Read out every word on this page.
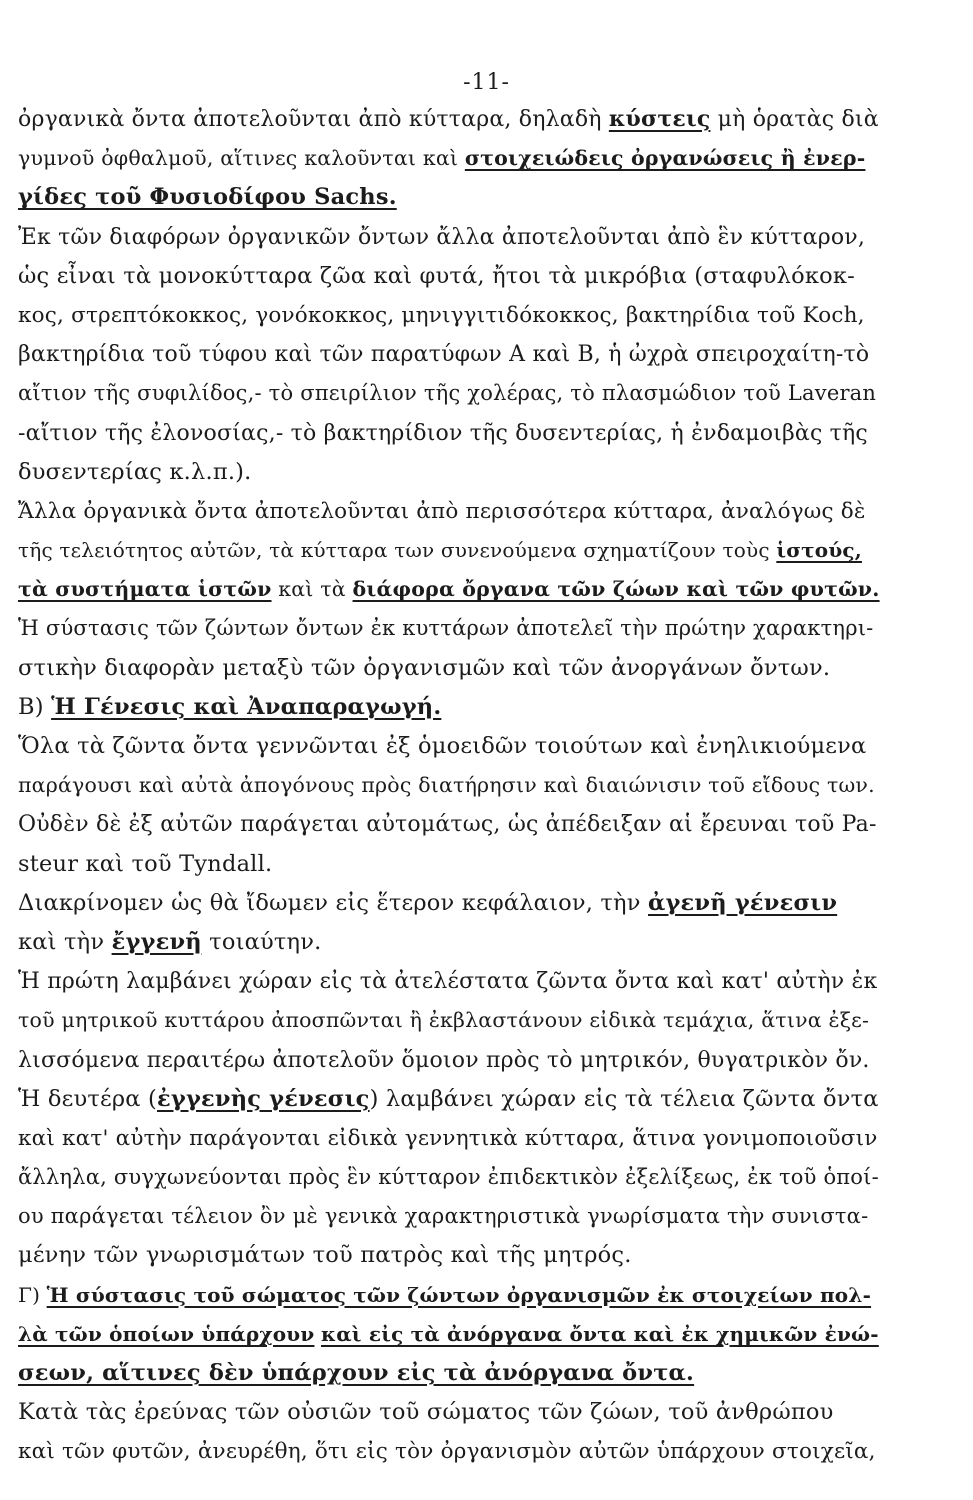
-11-
ὀργανικὰ ὄντα ἀποτελοῦνται ἀπὸ κύτταρα, δηλαδὴ κύστεις μὴ ὁρατὰς διὰ
γυμνοῦ ὀφθαλμοῦ, αἵτινες καλοῦνται καὶ στοιχειώδεις ὀργανώσεις ἢ ἐνερ-
γίδες τοῦ Φυσιοδίφου Sachs.
Ἐκ τῶν διαφόρων ὀργανικῶν ὄντων ἄλλα ἀποτελοῦνται ἀπὸ ἓν κύτταρον,
ὡς εἶναι τὰ μονοκύτταρα ζῶα καὶ φυτά, ἤτοι τὰ μικρόβια (σταφυλόκοκ-
κος, στρεπτόκοκκος, γονόκοκκος, μηνιγγιτιδόκοκκος, βακτηρίδια τοῦ Koch,
βακτηρίδια τοῦ τύφου καὶ τῶν παρατύφων Α καὶ Β, ἡ ὠχρὰ σπειροχαίτη-τὸ
αἴτιον τῆς συφιλίδος,- τὸ σπειρίλιον τῆς χολέρας, τὸ πλασμώδιον τοῦ Laveran
-αἴτιον τῆς ἐλονοσίας,- τὸ βακτηρίδιον τῆς δυσεντερίας, ἡ ἐνδαμοιβὰς τῆς
δυσεντερίας κ.λ.π.).
Ἄλλα ὀργανικὰ ὄντα ἀποτελοῦνται ἀπὸ περισσότερα κύτταρα, ἀναλόγως δὲ
τῆς τελειότητος αὐτῶν, τὰ κύτταρα των συνενούμενα σχηματίζουν τοὺς ἱστούς,
τὰ συστήματα ἱστῶν καὶ τὰ διάφορα ὄργανα τῶν ζώων καὶ τῶν φυτῶν.
Ἡ σύστασις τῶν ζώντων ὄντων ἐκ κυττάρων ἀποτελεῖ τὴν πρώτην χαρακτηρι-
στικὴν διαφορὰν μεταξὺ τῶν ὀργανισμῶν καὶ τῶν ἀνοργάνων ὄντων.
Β) Ἡ Γένεσις καὶ Ἀναπαραγωγή.
Ὅλα τὰ ζῶντα ὄντα γεννῶνται ἐξ ὁμοειδῶν τοιούτων καὶ ἐνηλικιούμενα
παράγουσι καὶ αὐτὰ ἀπογόνους πρὸς διατήρησιν καὶ διαιώνισιν τοῦ εἴδους των.
Οὐδὲν δὲ ἐξ αὐτῶν παράγεται αὐτομάτως, ὡς ἀπέδειξαν αἱ ἔρευναι τοῦ Pa-
steur καὶ τοῦ Tyndall.
Διακρίνομεν ὡς θὰ ἴδωμεν εἰς ἕτερον κεφάλαιον, τὴν ἀγενῆ γένεσιν
καὶ τὴν ἔγγενῆ τοιαύτην.
Ἡ πρώτη λαμβάνει χώραν εἰς τὰ ἀτελέστατα ζῶντα ὄντα καὶ κατ' αὐτὴν ἐκ
τοῦ μητρικοῦ κυττάρου ἀποσπῶνται ἢ ἐκβλαστάνουν εἰδικὰ τεμάχια, ἅτινα ἐξε-
λισσόμενα περαιτέρω ἀποτελοῦν ὅμοιον πρὸς τὸ μητρικόν, θυγατρικὸν ὄν.
Ἡ δευτέρα (ἐγγενὴς γένεσις) λαμβάνει χώραν εἰς τὰ τέλεια ζῶντα ὄντα
καὶ κατ' αὐτὴν παράγονται εἰδικὰ γεννητικὰ κύτταρα, ἅτινα γονιμοποιοῦσιν
ἄλληλα, συγχωνεύονται πρὸς ἓν κύτταρον ἐπιδεκτικὸν ἐξελίξεως, ἐκ τοῦ ὁποί-
ου παράγεται τέλειον ὂν μὲ γενικὰ χαρακτηριστικὰ γνωρίσματα τὴν συνιστα-
μένην τῶν γνωρισμάτων τοῦ πατρὸς καὶ τῆς μητρός.
Γ) Ἡ σύστασις τοῦ σώματος τῶν ζώντων ὀργανισμῶν ἐκ στοιχείων πολ-
λὰ τῶν ὁποίων ὑπάρχουν καὶ εἰς τὰ ἀνόργανα ὄντα καὶ ἐκ χημικῶν ἐνώ-
σεων, αἵτινες δὲν ὑπάρχουν εἰς τὰ ἀνόργανα ὄντα.
Κατὰ τὰς ἐρεύνας τῶν οὐσιῶν τοῦ σώματος τῶν ζώων, τοῦ ἀνθρώπου
καὶ τῶν φυτῶν, ἀνευρέθη, ὅτι εἰς τὸν ὀργανισμὸν αὐτῶν ὑπάρχουν στοιχεῖα,
